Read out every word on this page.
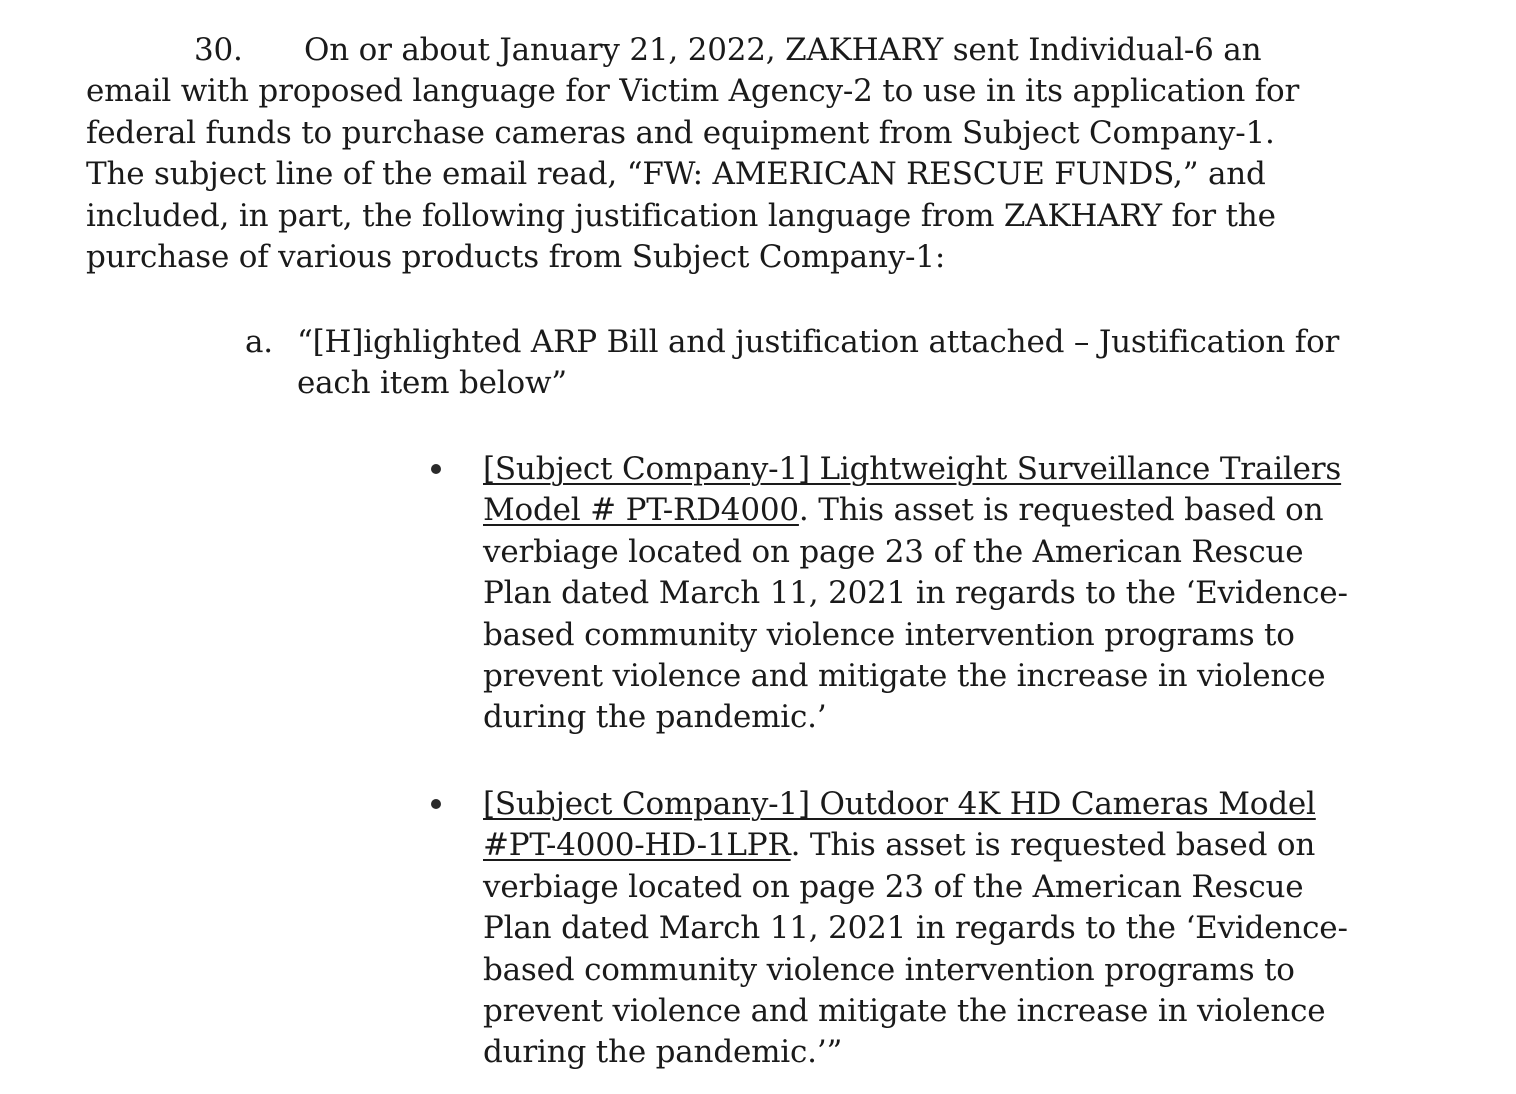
30. On or about January 21, 2022, ZAKHARY sent Individual-6 an
email with proposed language for Victim Agency-2 to use in its application for
federal funds to purchase cameras and equipment from Subject Company-1.
The subject line of the email read, “FW: AMERICAN RESCUE FUNDS,” and
included, in part, the following justification language from ZAKHARY for the
purchase of various products from Subject Company-1:
a. “[H]ighlighted ARP Bill and justification attached – Justification for
each item below”
[Subject Company-1] Lightweight Surveillance Trailers
Model # PT-RD4000. This asset is requested based on
verbiage located on page 23 of the American Rescue
Plan dated March 11, 2021 in regards to the ‘Evidence-
based community violence intervention programs to
prevent violence and mitigate the increase in violence
during the pandemic.’
[Subject Company-1] Outdoor 4K HD Cameras Model
#PT-4000-HD-1LPR. This asset is requested based on
verbiage located on page 23 of the American Rescue
Plan dated March 11, 2021 in regards to the ‘Evidence-
based community violence intervention programs to
prevent violence and mitigate the increase in violence
during the pandemic.’”
